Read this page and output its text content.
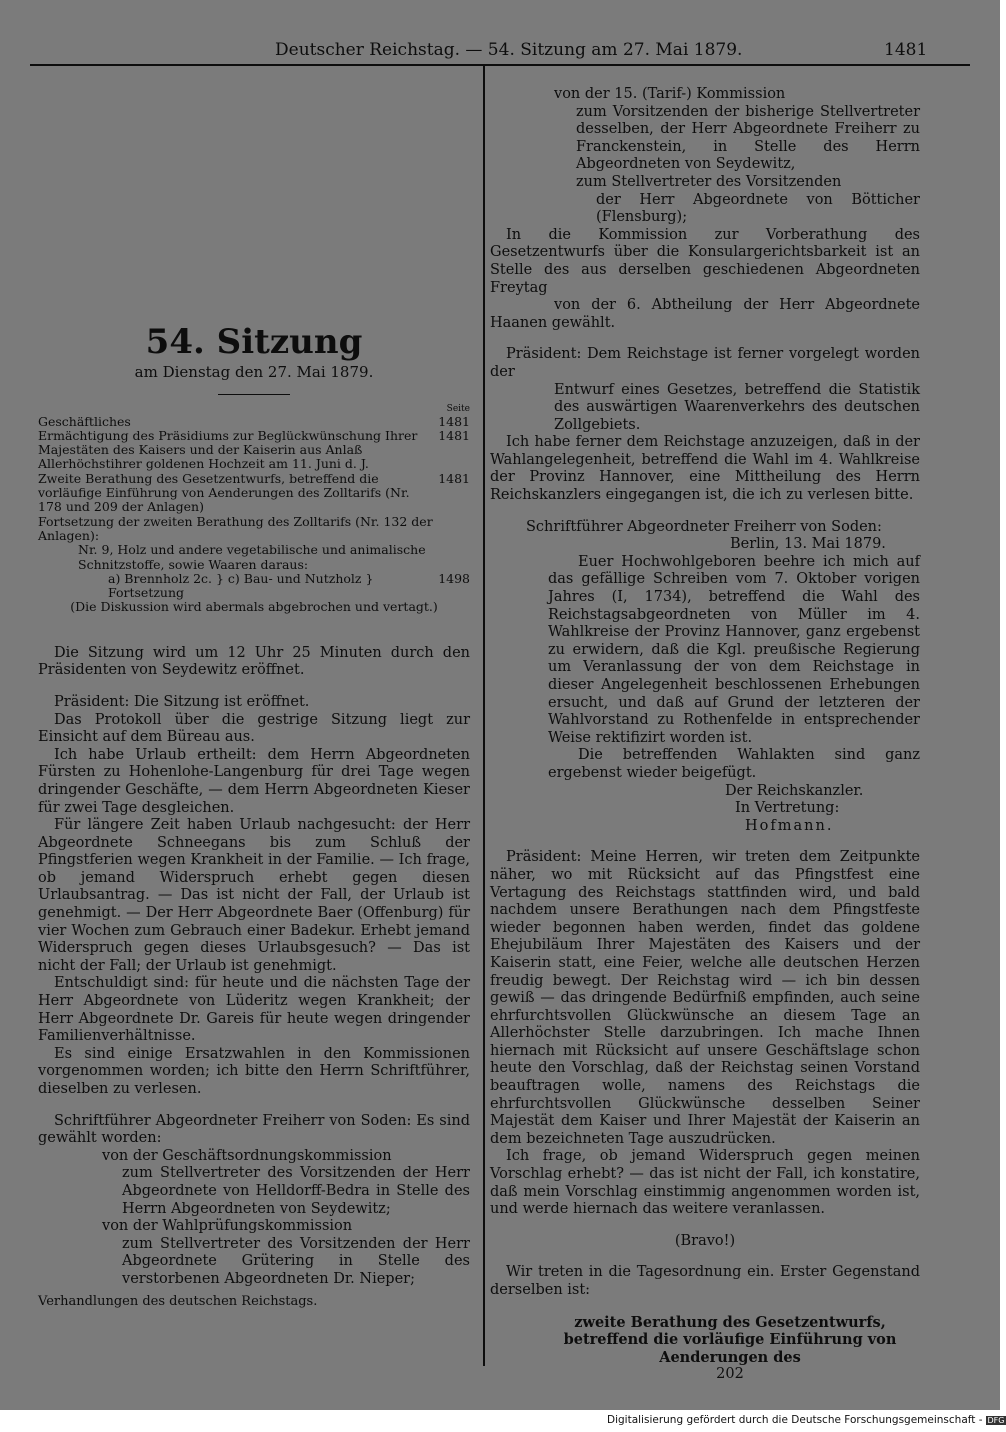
Deutscher Reichstag. — 54. Sitzung am 27. Mai 1879.	1481
54. Sitzung

am Dienstag den 27. Mai 1879.

Seite
Geschäftliches	1481
Ermächtigung des Präsidiums zur Beglückwünschung Ihrer Majestäten des Kaisers und der Kaiserin aus Anlaß Allerhöchstihrer goldenen Hochzeit am 11. Juni d. J.
1481
Zweite Berathung des Gesetzentwurfs, betreffend die vorläufige Einführung von Aenderungen des Zolltarifs (Nr. 178 und 209 der Anlagen)
1481
Fortsetzung der zweiten Berathung des Zolltarifs (Nr. 132 der Anlagen):
Nr. 9, Holz und andere vegetabilische und animalische Schnitzstoffe, sowie Waaren daraus:
a) Brennholz 2c. } c) Bau- und Nutzholz } Fortsetzung
1498
(Die Diskussion wird abermals abgebrochen und vertagt.)

Die Sitzung wird um 12 Uhr 25 Minuten durch den Präsidenten von Seydewitz eröffnet.

Präsident: Die Sitzung ist eröffnet.

Das Protokoll über die gestrige Sitzung liegt zur Einsicht auf dem Büreau aus.

Ich habe Urlaub ertheilt: dem Herrn Abgeordneten Fürsten zu Hohenlohe-Langenburg für drei Tage wegen dringender Geschäfte, — dem Herrn Abgeordneten Kieser für zwei Tage desgleichen.

Für längere Zeit haben Urlaub nachgesucht: der Herr Abgeordnete Schneegans bis zum Schluß der Pfingstferien wegen Krankheit in der Familie. — Ich frage, ob jemand Widerspruch erhebt gegen diesen Urlaubsantrag. — Das ist nicht der Fall, der Urlaub ist genehmigt. — Der Herr Abgeordnete Baer (Offenburg) für vier Wochen zum Gebrauch einer Badekur. Erhebt jemand Widerspruch gegen dieses Urlaubsgesuch? — Das ist nicht der Fall; der Urlaub ist genehmigt.

Entschuldigt sind: für heute und die nächsten Tage der Herr Abgeordnete von Lüderitz wegen Krankheit; der Herr Abgeordnete Dr. Gareis für heute wegen dringender Familienverhältnisse.

Es sind einige Ersatzwahlen in den Kommissionen vorgenommen worden; ich bitte den Herrn Schriftführer, dieselben zu verlesen.

Schriftführer Abgeordneter Freiherr von Soden: Es sind gewählt worden:

von der Geschäftsordnungskommission

zum Stellvertreter des Vorsitzenden der Herr Abgeordnete von Helldorff-Bedra in Stelle des Herrn Abgeordneten von Seydewitz;

von der Wahlprüfungskommission

zum Stellvertreter des Vorsitzenden der Herr Abgeordnete Grütering in Stelle des verstorbenen Abgeordneten Dr. Nieper;

Verhandlungen des deutschen Reichstags.

von der 15. (Tarif-) Kommission

zum Vorsitzenden der bisherige Stellvertreter desselben, der Herr Abgeordnete Freiherr zu Franckenstein, in Stelle des Herrn Abgeordneten von Seydewitz,

zum Stellvertreter des Vorsitzenden

der Herr Abgeordnete von Bötticher (Flensburg);

In die Kommission zur Vorberathung des Gesetzentwurfs über die Konsulargerichtsbarkeit ist an Stelle des aus derselben geschiedenen Abgeordneten Freytag

von der 6. Abtheilung der Herr Abgeordnete Haanen gewählt.

Präsident: Dem Reichstage ist ferner vorgelegt worden der

Entwurf eines Gesetzes, betreffend die Statistik des auswärtigen Waarenverkehrs des deutschen Zollgebiets.

Ich habe ferner dem Reichstage anzuzeigen, daß in der Wahlangelegenheit, betreffend die Wahl im 4. Wahlkreise der Provinz Hannover, eine Mittheilung des Herrn Reichskanzlers eingegangen ist, die ich zu verlesen bitte.

Schriftführer Abgeordneter Freiherr von Soden:

Berlin, 13. Mai 1879.

Euer Hochwohlgeboren beehre ich mich auf das gefällige Schreiben vom 7. Oktober vorigen Jahres (I, 1734), betreffend die Wahl des Reichstagsabgeordneten von Müller im 4. Wahlkreise der Provinz Hannover, ganz ergebenst zu erwidern, daß die Kgl. preußische Regierung um Veranlassung der von dem Reichstage in dieser Angelegenheit beschlossenen Erhebungen ersucht, und daß auf Grund der letzteren der Wahlvorstand zu Rothenfelde in entsprechender Weise rektifizirt worden ist.

Die betreffenden Wahlakten sind ganz ergebenst wieder beigefügt.

Der Reichskanzler.

In Vertretung:

Hofmann.

Präsident: Meine Herren, wir treten dem Zeitpunkte näher, wo mit Rücksicht auf das Pfingstfest eine Vertagung des Reichstags stattfinden wird, und bald nachdem unsere Berathungen nach dem Pfingstfeste wieder begonnen haben werden, findet das goldene Ehejubiläum Ihrer Majestäten des Kaisers und der Kaiserin statt, eine Feier, welche alle deutschen Herzen freudig bewegt. Der Reichstag wird — ich bin dessen gewiß — das dringende Bedürfniß empfinden, auch seine ehrfurchtsvollen Glückwünsche an diesem Tage an Allerhöchster Stelle darzubringen. Ich mache Ihnen hiernach mit Rücksicht auf unsere Geschäftslage schon heute den Vorschlag, daß der Reichstag seinen Vorstand beauftragen wolle, namens des Reichstags die ehrfurchtsvollen Glückwünsche desselben Seiner Majestät dem Kaiser und Ihrer Majestät der Kaiserin an dem bezeichneten Tage auszudrücken.

Ich frage, ob jemand Widerspruch gegen meinen Vorschlag erhebt? — das ist nicht der Fall, ich konstatire, daß mein Vorschlag einstimmig angenommen worden ist, und werde hiernach das weitere veranlassen.

(Bravo!)

Wir treten in die Tagesordnung ein. Erster Gegenstand derselben ist:

zweite Berathung des Gesetzentwurfs, betreffend die vorläufige Einführung von Aenderungen des

202

Digitalisierung gefördert durch die Deutsche Forschungsgemeinschaft - DFG
